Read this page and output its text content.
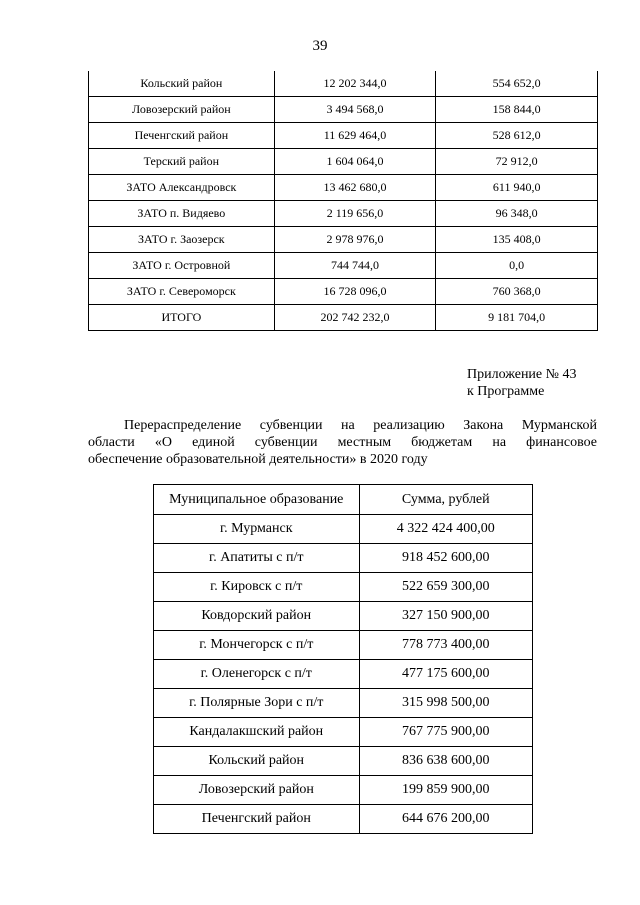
39
Кольский район	12 202 344,0	554 652,0
Ловозерский район	3 494 568,0	158 844,0
Печенгский район	11 629 464,0	528 612,0
Терский район	1 604 064,0	72 912,0
ЗАТО Александровск	13 462 680,0	611 940,0
ЗАТО п. Видяево	2 119 656,0	96 348,0
ЗАТО г. Заозерск	2 978 976,0	135 408,0
ЗАТО г. Островной	744 744,0	0,0
ЗАТО г. Североморск	16 728 096,0	760 368,0
ИТОГО	202 742 232,0	9 181 704,0
Приложение № 43
к Программе
Перераспределение субвенции на реализацию Закона Мурманской
области «О единой субвенции местным бюджетам на финансовое
обеспечение образовательной деятельности» в 2020 году
Муниципальное образование	Сумма, рублей
г. Мурманск	4 322 424 400,00
г. Апатиты с п/т	918 452 600,00
г. Кировск с п/т	522 659 300,00
Ковдорский район	327 150 900,00
г. Мончегорск с п/т	778 773 400,00
г. Оленегорск с п/т	477 175 600,00
г. Полярные Зори с п/т	315 998 500,00
Кандалакшский район	767 775 900,00
Кольский район	836 638 600,00
Ловозерский район	199 859 900,00
Печенгский район	644 676 200,00
